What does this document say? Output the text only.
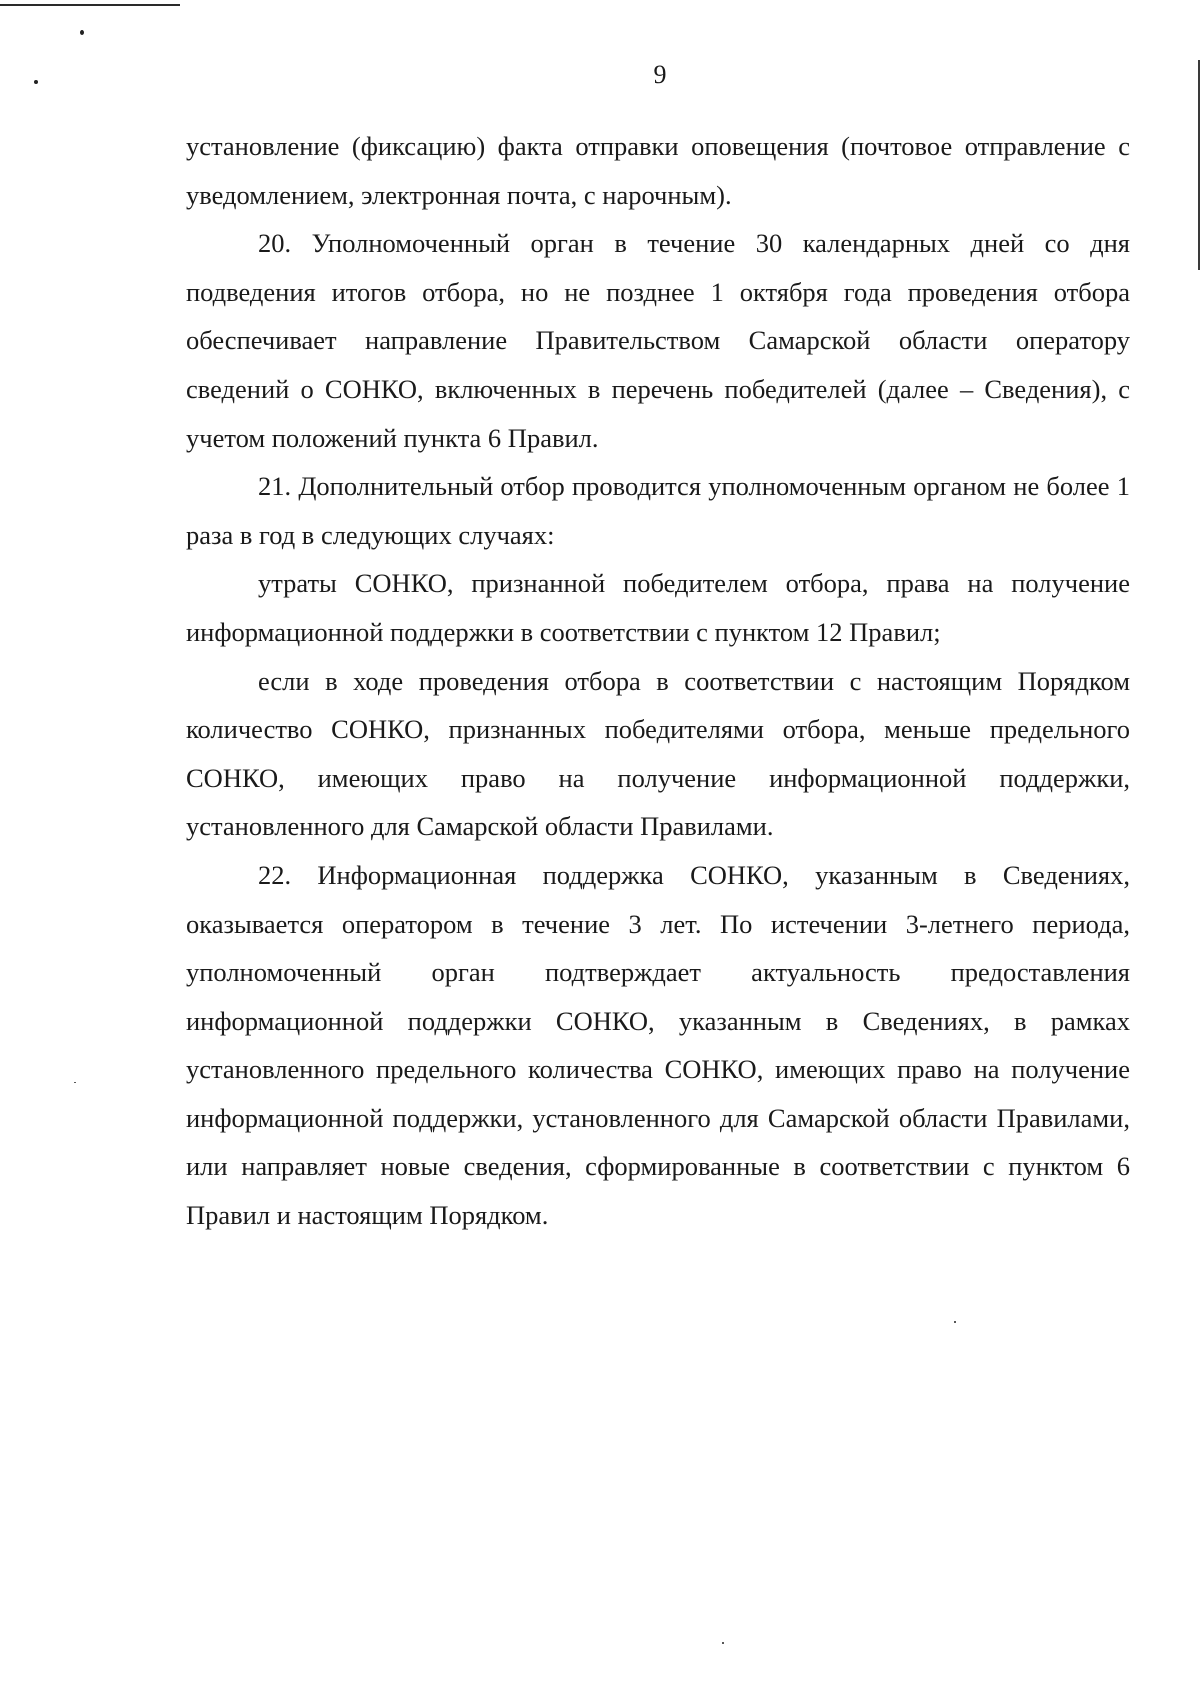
9

установление (фиксацию) факта отправки оповещения (почтовое отправление с уведомлением, электронная почта, с нарочным).

20. Уполномоченный орган в течение 30 календарных дней со дня подведения итогов отбора, но не позднее 1 октября года проведения отбора обеспечивает направление Правительством Самарской области оператору сведений о СОНКО, включенных в перечень победителей (далее – Сведения), с учетом положений пункта 6 Правил.

21. Дополнительный отбор проводится уполномоченным органом не более 1 раза в год в следующих случаях:

утраты СОНКО, признанной победителем отбора, права на получение информационной поддержки в соответствии с пунктом 12 Правил;

если в ходе проведения отбора в соответствии с настоящим Порядком количество СОНКО, признанных победителями отбора, меньше предельного СОНКО, имеющих право на получение информационной поддержки, установленного для Самарской области Правилами.

22. Информационная поддержка СОНКО, указанным в Сведениях, оказывается оператором в течение 3 лет. По истечении 3-летнего периода, уполномоченный орган подтверждает актуальность предоставления информационной поддержки СОНКО, указанным в Сведениях, в рамках установленного предельного количества СОНКО, имеющих право на получение информационной поддержки, установленного для Самарской области Правилами, или направляет новые сведения, сформированные в соответствии с пунктом 6 Правил и настоящим Порядком.
